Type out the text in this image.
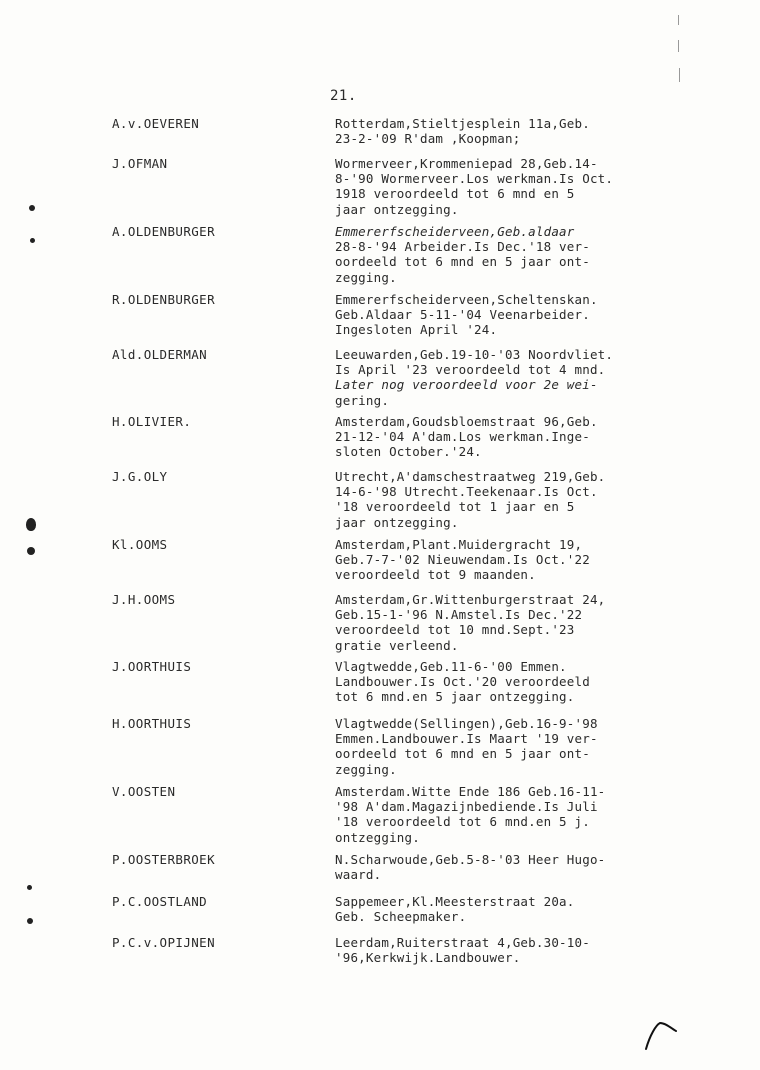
21.
A.v.OEVEREN	Rotterdam,Stieltjesplein 11a,Geb.
23-2-'09 R'dam ,Koopman;
J.OFMAN	Wormerveer,Krommeniepad 28,Geb.14-
8-'90 Wormerveer.Los werkman.Is Oct.
1918 veroordeeld tot 6 mnd en 5
jaar ontzegging.
A.OLDENBURGER	Emmererfscheiderveen,Geb.aldaar
28-8-'94 Arbeider.Is Dec.'18 ver-
oordeeld tot 6 mnd en 5 jaar ont-
zegging.
R.OLDENBURGER	Emmererfscheiderveen,Scheltenskan.
Geb.Aldaar 5-11-'04 Veenarbeider.
Ingesloten April '24.
Ald.OLDERMAN	Leeuwarden,Geb.19-10-'03 Noordvliet.
Is April '23 veroordeeld tot 4 mnd.
Later nog veroordeeld voor 2e wei-
gering.
H.OLIVIER.	Amsterdam,Goudsbloemstraat 96,Geb.
21-12-'04 A'dam.Los werkman.Inge-
sloten October.'24.
J.G.OLY	Utrecht,A'damschestraatweg 219,Geb.
14-6-'98 Utrecht.Teekenaar.Is Oct.
'18 veroordeeld tot 1 jaar en 5
jaar ontzegging.
Kl.OOMS	Amsterdam,Plant.Muidergracht 19,
Geb.7-7-'02 Nieuwendam.Is Oct.'22
veroordeeld tot 9 maanden.
J.H.OOMS	Amsterdam,Gr.Wittenburgerstraat 24,
Geb.15-1-'96 N.Amstel.Is Dec.'22
veroordeeld tot 10 mnd.Sept.'23
gratie verleend.
J.OORTHUIS	Vlagtwedde,Geb.11-6-'00 Emmen.
Landbouwer.Is Oct.'20 veroordeeld
tot 6 mnd.en 5 jaar ontzegging.
H.OORTHUIS	Vlagtwedde(Sellingen),Geb.16-9-'98
Emmen.Landbouwer.Is Maart '19 ver-
oordeeld tot 6 mnd en 5 jaar ont-
zegging.
V.OOSTEN	Amsterdam.Witte Ende 186 Geb.16-11-
'98 A'dam.Magazijnbediende.Is Juli
'18 veroordeeld tot 6 mnd.en 5 j.
ontzegging.
P.OOSTERBROEK	N.Scharwoude,Geb.5-8-'03 Heer Hugo-
waard.
P.C.OOSTLAND	Sappemeer,Kl.Meesterstraat 20a.
Geb. Scheepmaker.
P.C.v.OPIJNEN	Leerdam,Ruiterstraat 4,Geb.30-10-
'96,Kerkwijk.Landbouwer.
